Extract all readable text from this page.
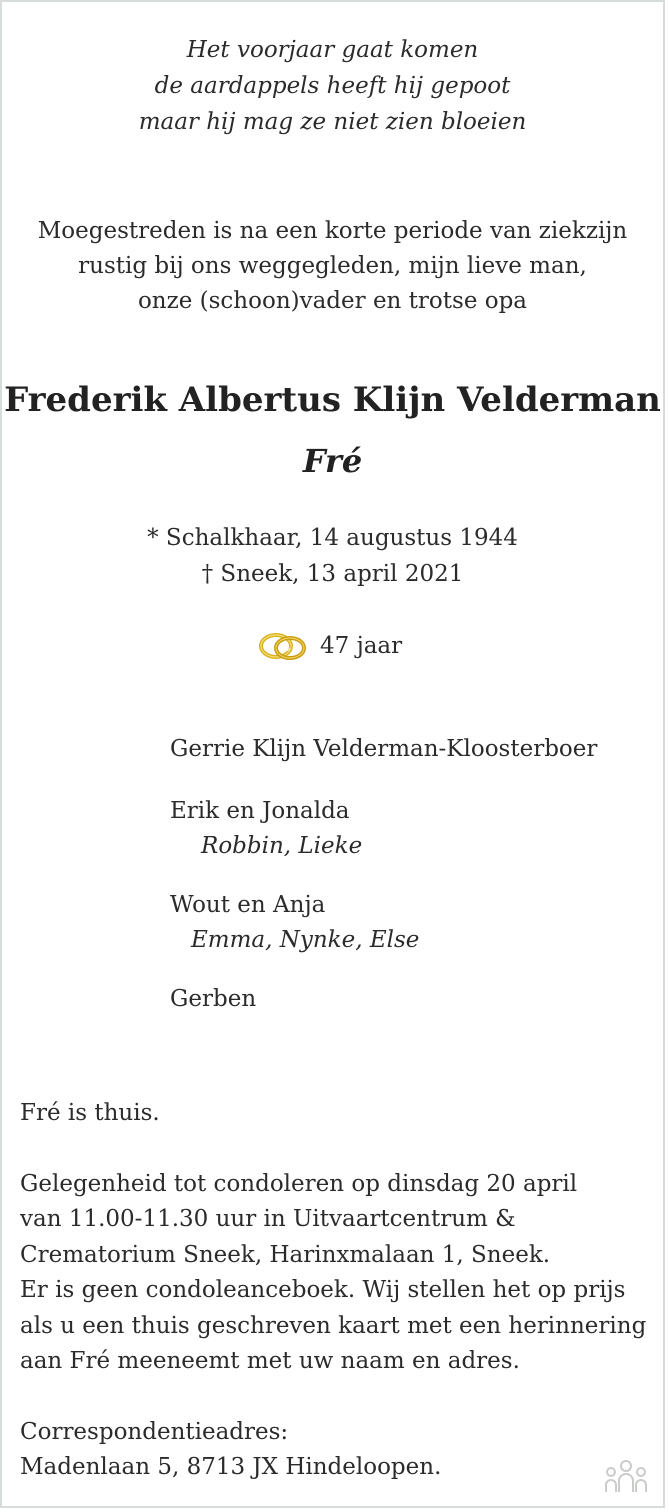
Het voorjaar gaat komen
de aardappels heeft hij gepoot
maar hij mag ze niet zien bloeien
Moegestreden is na een korte periode van ziekzijn
rustig bij ons weggegleden, mijn lieve man,
onze (schoon)vader en trotse opa
Frederik Albertus Klijn Velderman
Fré
* Schalkhaar, 14 augustus 1944
† Sneek, 13 april 2021
47 jaar
Gerrie Klijn Velderman-Kloosterboer
Erik en Jonalda
Robbin, Lieke
Wout en Anja
Emma, Nynke, Else
Gerben

Fré is thuis.

Gelegenheid tot condoleren op dinsdag 20 april

van 11.00-11.30 uur in Uitvaartcentrum &

Crematorium Sneek, Harinxmalaan 1, Sneek.

Er is geen condoleanceboek. Wij stellen het op prijs

als u een thuis geschreven kaart met een herinnering

aan Fré meeneemt met uw naam en adres.

Correspondentieadres:

Madenlaan 5, 8713 JX Hindeloopen.
